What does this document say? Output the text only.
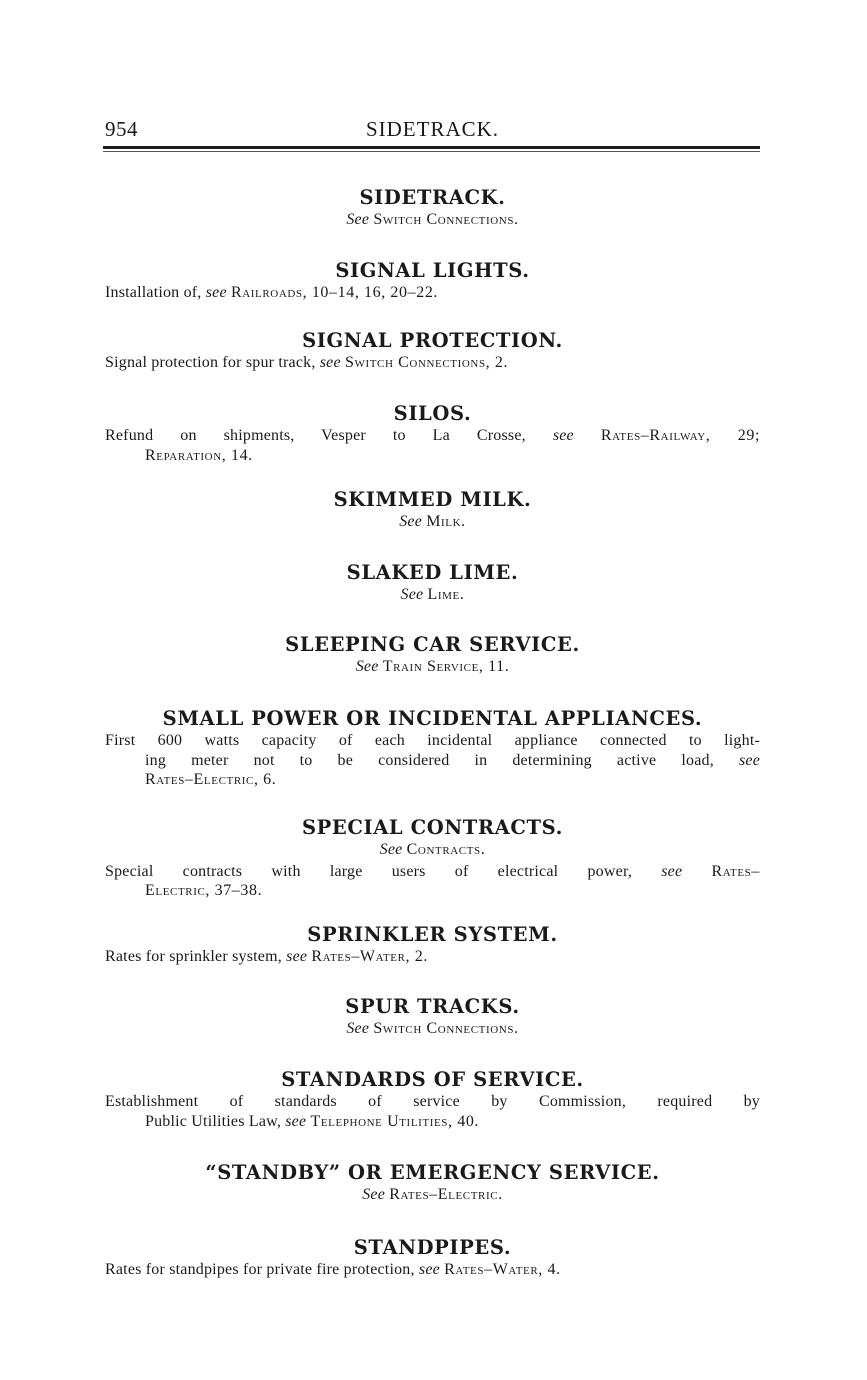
954	SIDETRACK.
SIDETRACK.
See Switch Connections.
SIGNAL LIGHTS.
Installation of, see Railroads, 10–14, 16, 20–22.
SIGNAL PROTECTION.
Signal protection for spur track, see Switch Connections, 2.
SILOS.
Refund on shipments, Vesper to La Crosse, see Rates–Railway, 29;
Reparation, 14.
SKIMMED MILK.
See Milk.
SLAKED LIME.
See Lime.
SLEEPING CAR SERVICE.
See Train Service, 11.
SMALL POWER OR INCIDENTAL APPLIANCES.
First 600 watts capacity of each incidental appliance connected to light-
ing meter not to be considered in determining active load, see
Rates–Electric, 6.
SPECIAL CONTRACTS.
See Contracts.
Special contracts with large users of electrical power, see Rates–
Electric, 37–38.
SPRINKLER SYSTEM.
Rates for sprinkler system, see Rates–Water, 2.
SPUR TRACKS.
See Switch Connections.
STANDARDS OF SERVICE.
Establishment of standards of service by Commission, required by
Public Utilities Law, see Telephone Utilities, 40.
“STANDBY” OR EMERGENCY SERVICE.
See Rates–Electric.
STANDPIPES.
Rates for standpipes for private fire protection, see Rates–Water, 4.
